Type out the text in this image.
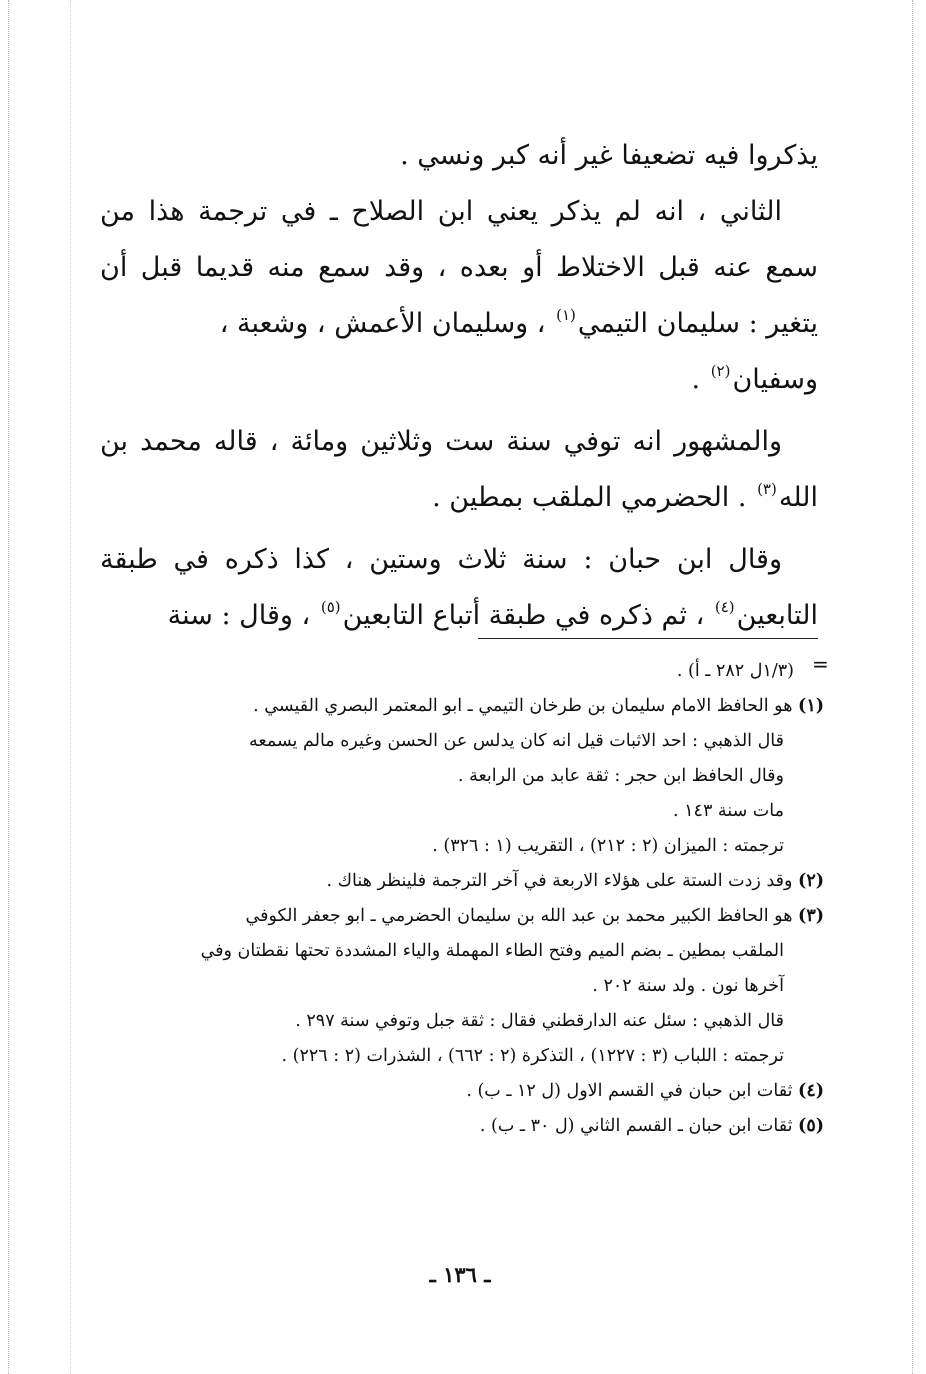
يذكروا فيه تضعيفا غير أنه كبر ونسي .
الثاني ، انه لم يذكر يعني ابن الصلاح ـ في ترجمة هذا من
سمع عنه قبل الاختلاط أو بعده ، وقد سمع منه قديما قبل أن
يتغير : سليمان التيمي$^{(١)}$ ، وسليمان الأعمش ، وشعبة ،
وسفيان$^{(٢)}$ .
والمشهور انه توفي سنة ست وثلاثين ومائة ، قاله محمد بن
الله$^{(٣)}$ . الحضرمي الملقب بمطين .
وقال ابن حبان : سنة ثلاث وستين ، كذا ذكره في طبقة
التابعين$^{(٤)}$ ، ثم ذكره في طبقة أتباع التابعين$^{(٥)}$ ، وقال : سنة
=
(١/٣ل ٢٨٢ ـ أ) .
(١) هو الحافظ الامام سليمان بن طرخان التيمي ـ ابو المعتمر البصري القيسي .
قال الذهبي : احد الاثبات قيل انه كان يدلس عن الحسن وغيره مالم يسمعه
وقال الحافظ ابن حجر : ثقة عابد من الرابعة .
مات سنة ١٤٣ .
ترجمته : الميزان (٢ : ٢١٢) ، التقريب (١ : ٣٢٦) .
(٢) وقد زدت الستة على هؤلاء الاربعة في آخر الترجمة فلينظر هناك .
(٣) هو الحافظ الكبير محمد بن عبد الله بن سليمان الحضرمي ـ ابو جعفر الكوفي
الملقب بمطين ـ بضم الميم وفتح الطاء المهملة والياء المشددة تحتها نقطتان وفي
آخرها نون . ولد سنة ٢٠٢ .
قال الذهبي : سئل عنه الدارقطني فقال : ثقة جبل وتوفي سنة ٢٩٧ .
ترجمته : اللباب (٣ : ١٢٢٧) ، التذكرة (٢ : ٦٦٢) ، الشذرات (٢ : ٢٢٦) .
(٤) ثقات ابن حبان في القسم الاول (ل ١٢ ـ ب) .
(٥) ثقات ابن حبان ـ القسم الثاني (ل ٣٠ ـ ب) .
ـ ١٣٦ ـ
